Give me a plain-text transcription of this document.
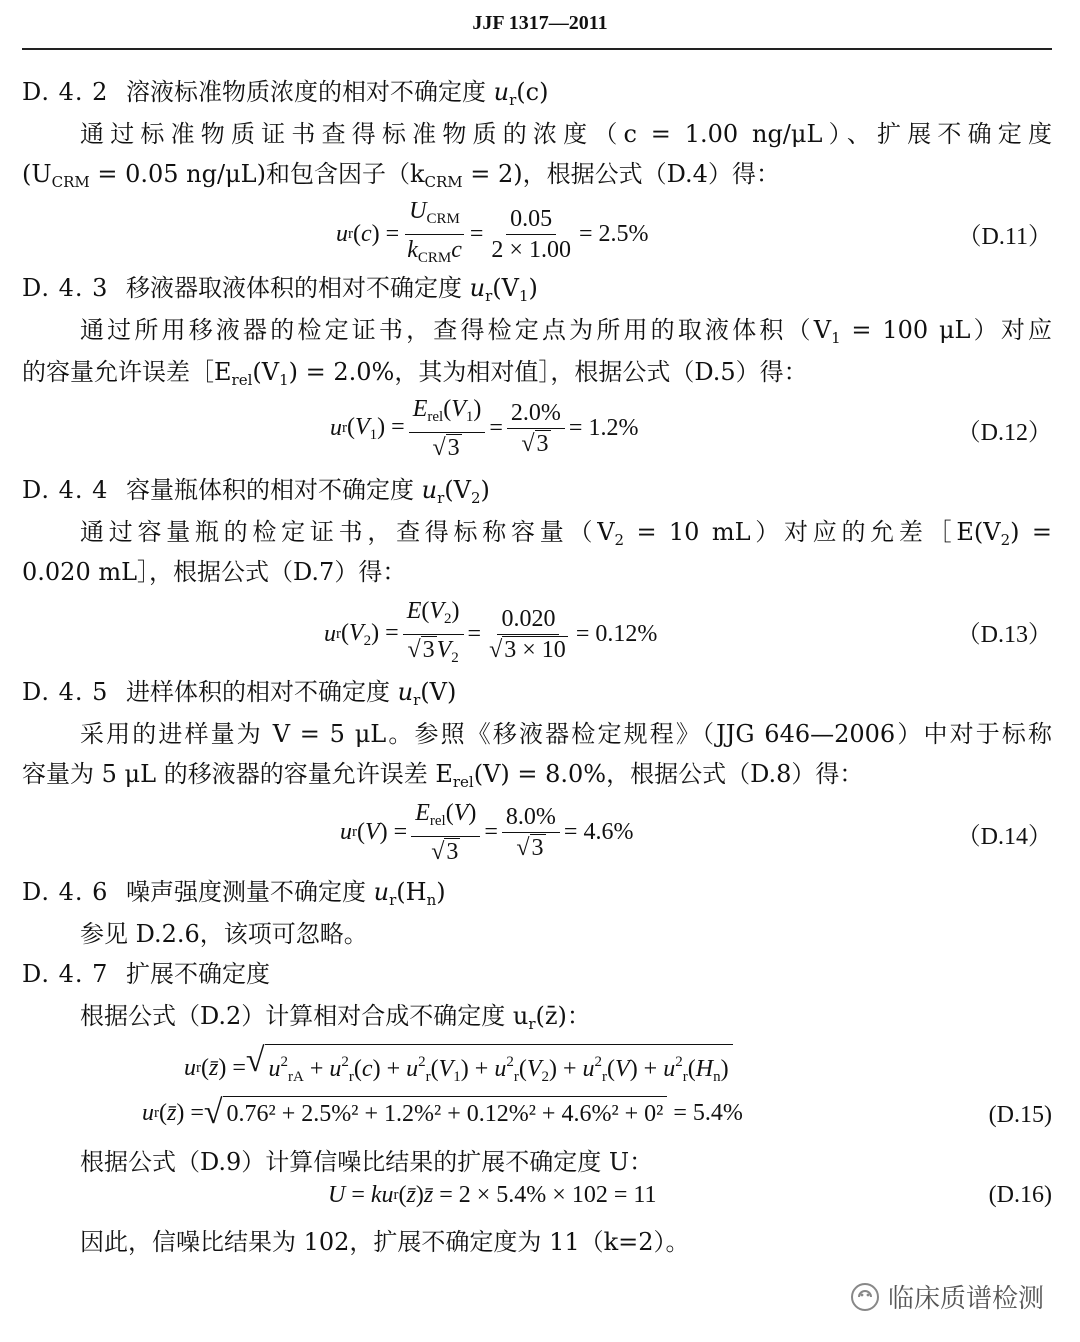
JJF 1317—2011
D. 4. 2 溶液标准物质浓度的相对不确定度 $u_r(c)$
通过标准物质证书查得标准物质的浓度（c = 1.00 ng/μL）、扩展不确定度
($U_{CRM} = 0.05$ ng/μL)和包含因子$(k_{CRM} = 2)$，根据公式（D.4）得：
u r $(c) = \frac{U_{CRM}}{k_{CRM}c} = \frac{0.05}{2 \times 1.00} = 2.5\%$	（D.11）
D. 4. 3 移液器取液体积的相对不确定度 $u_r(V_1)$
通过所用移液器的检定证书，查得检定点为所用的取液体积（$V_1 = 100$ μL）对应
的容量允许误差$[E_{rel}(V_1) = 2.0\%$，其为相对值］，根据公式（D.5）得：
u r $(V_1) = \frac{E_{rel}(V_1)}{√3} = \frac{2.0\%}{√3} = 1.2\%$	（D.12）
D. 4. 4 容量瓶体积的相对不确定度 $u_r(V_2)$
通过容量瓶的检定证书，查得标称容量（$V_2 = 10$ mL）对应的允差$[E(V_2)$ =
0.020 mL］，根据公式（D.7）得：
u r $(V_2) = \frac{E(V_2)}{√3V_2} = \frac{0.020}{√3 \times 10} = 0.12\%$	（D.13）
D. 4. 5 进样体积的相对不确定度 $u_r(V)$
采用的进样量为 V = 5 μL。参照《移液器检定规程》（JJG 646—2006）中对于标称
容量为 5 μL 的移液器的容量允许误差 $E_{rel}(V) = 8.0\%$，根据公式（D.8）得：
u r $(V) = \frac{E_{rel}(V)}{√3} = \frac{8.0\%}{√3} = 4.6\%$	（D.14）
D. 4. 6 噪声强度测量不确定度 $u_r(H_n)$
参见 D.2.6，该项可忽略。
D. 4. 7 扩展不确定度
根据公式（D.2）计算相对合成不确定度 $u_r(z̄)$：
u r (z̄) = √ $u^2_{rA} + u^2_r(c) + u^2_r(V_1) + u^2_r(V_2) + u^2_r(V) + u^2_r(H_n)$
u r (z̄) = √ 0.76² + 2.5%² + 1.2%² + 0.12%² + 4.6%² + 0² = 5.4%	(D.15)
根据公式（D.9）计算信噪比结果的扩展不确定度 U：
U = k u r ( z̄ ) z̄
= 2 × 5.4% × 102 = 11	(D.16)
因此，信噪比结果为 102，扩展不确定度为 11（k=2）。
临床质谱检测
